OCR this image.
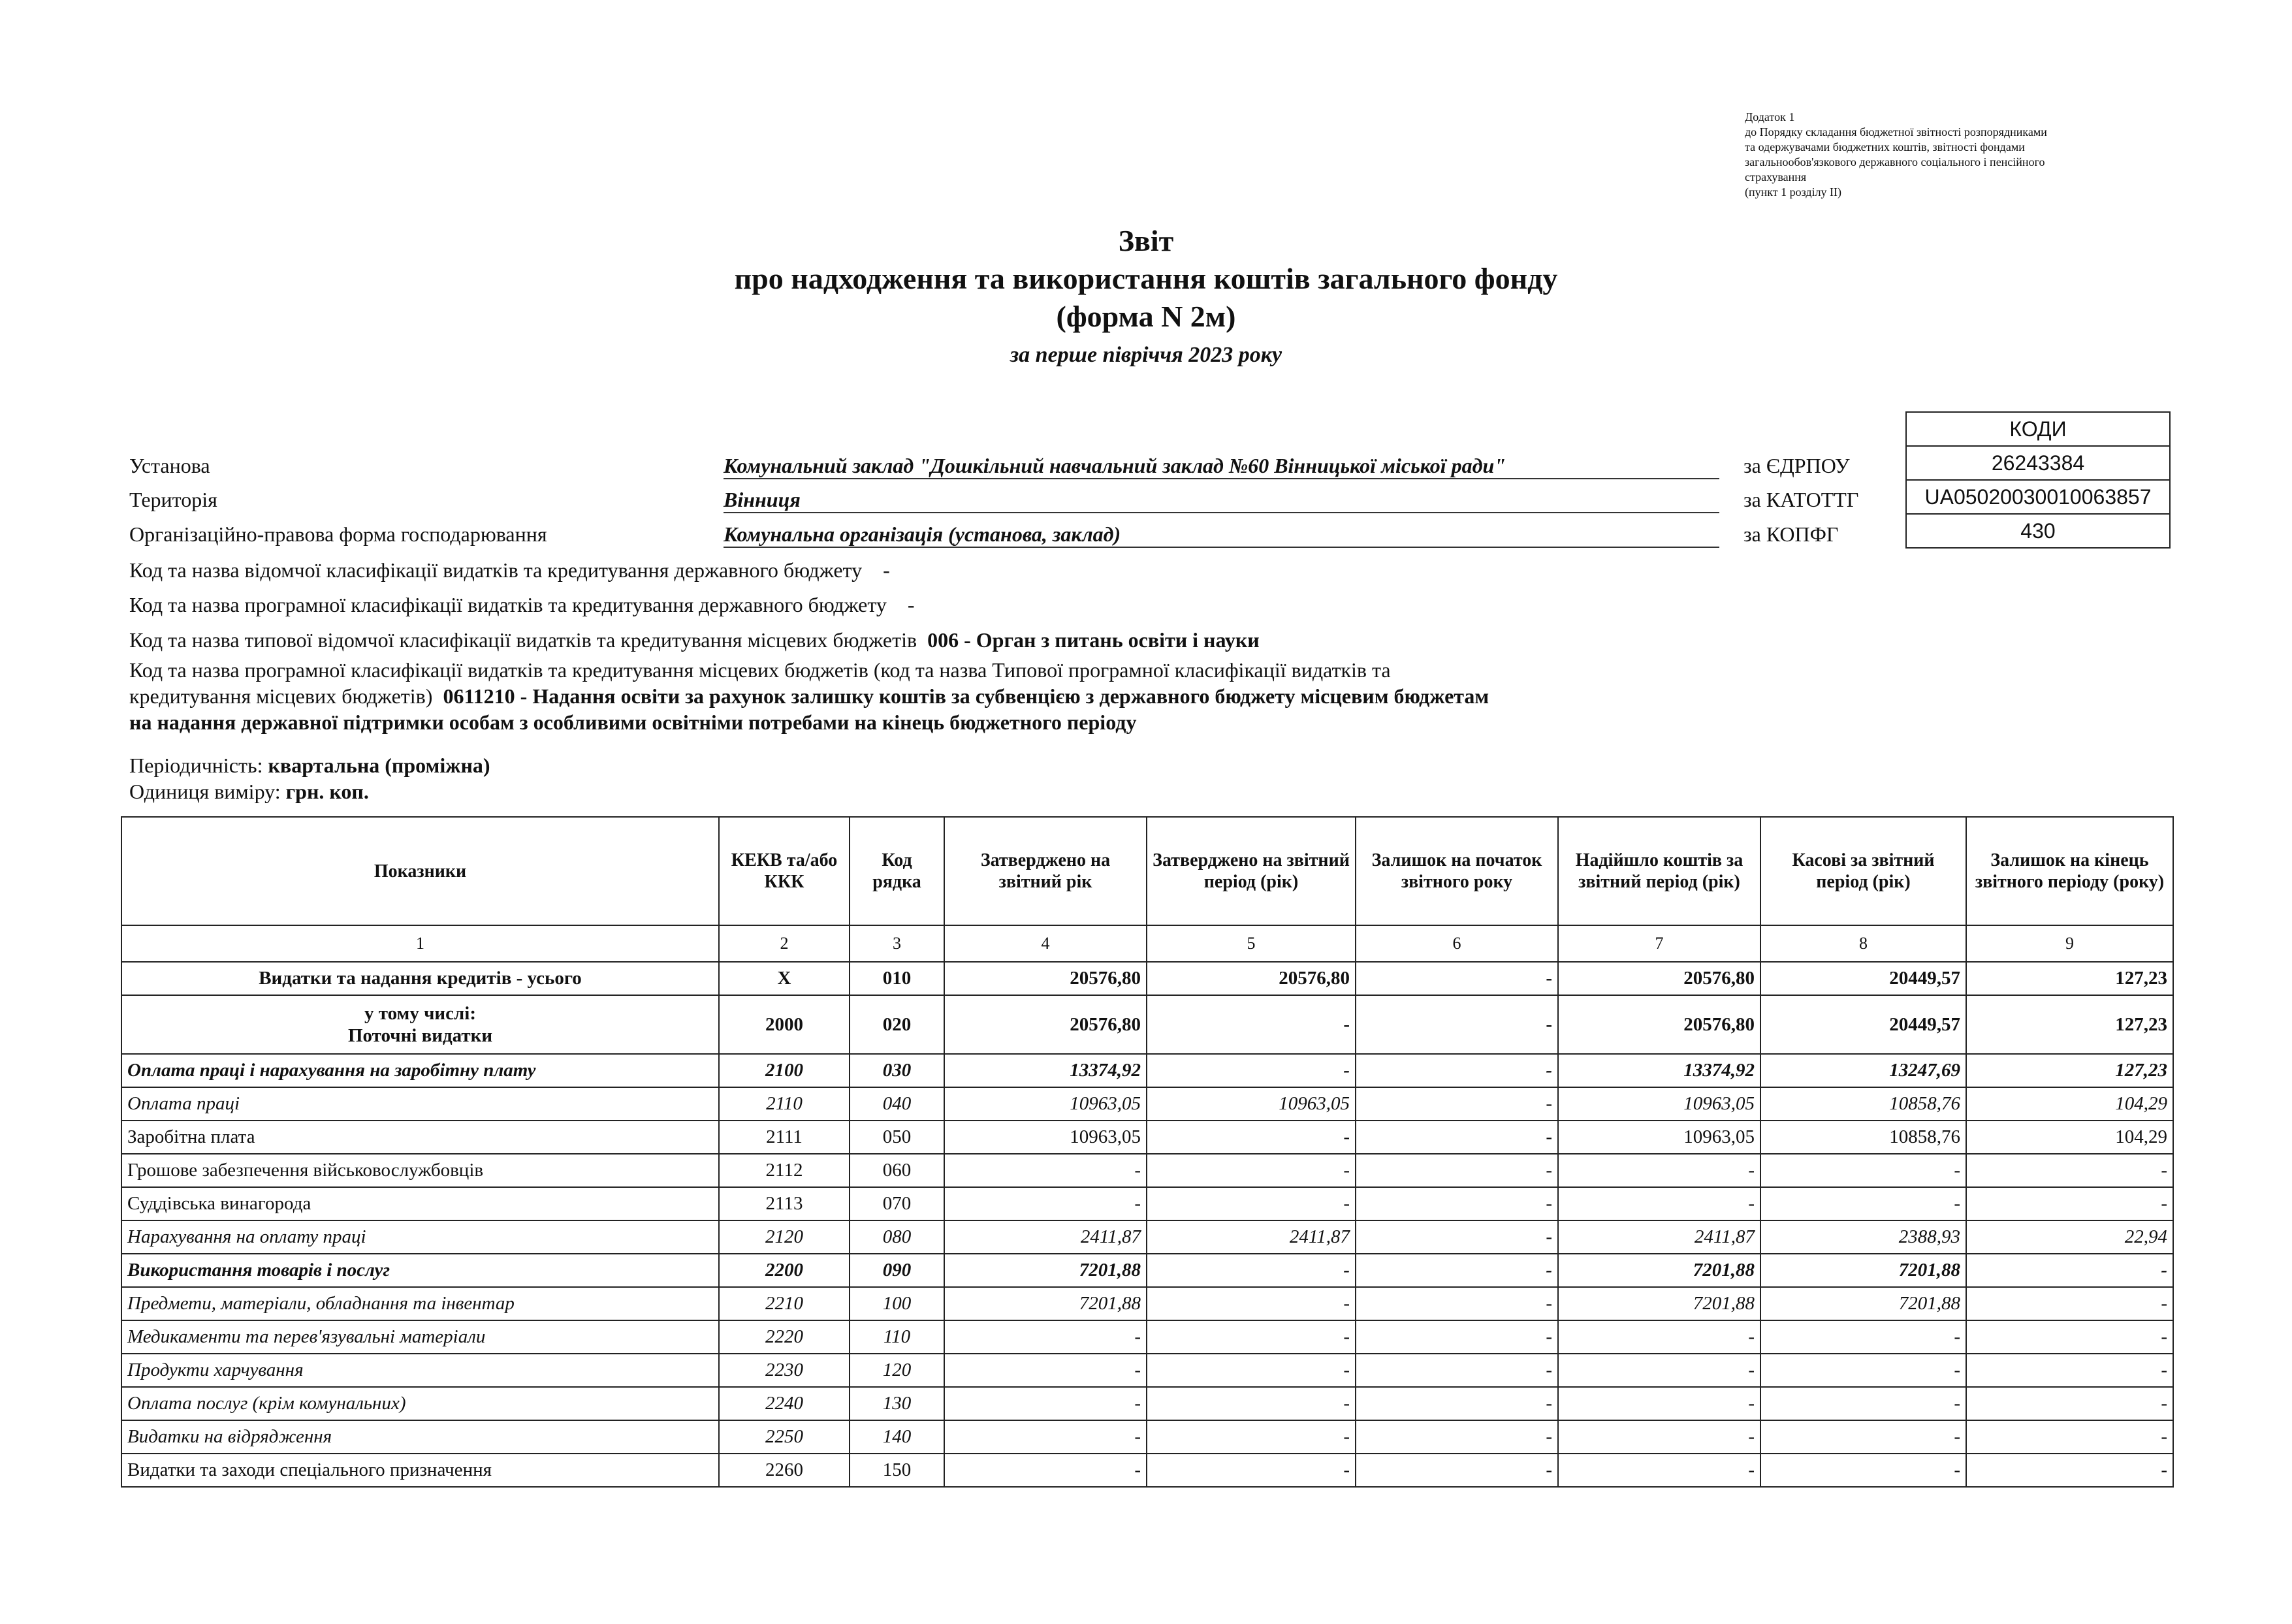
Додаток 1
до Порядку складання бюджетної звітності розпорядниками
та одержувачами бюджетних коштів, звітності фондами
загальнообов'язкового державного соціального і пенсійного
страхування
(пункт 1 розділу II)
Звіт
про надходження та використання коштів загального фонду
(форма N 2м)
за перше півріччя 2023 року
КОДИ
26243384
UA05020030010063857
430
Установа	Комунальний заклад "Дошкільний навчальний заклад №60 Вінницької міської ради"	за ЄДРПОУ
Територія	Вінниця	за КАТОТТГ
Організаційно-правова форма господарювання	Комунальна організація (установа, заклад)	за КОПФГ
Код та назва відомчої класифікації видатків та кредитування державного бюджету -
Код та назва програмної класифікації видатків та кредитування державного бюджету -
Код та назва типової відомчої класифікації видатків та кредитування місцевих бюджетів 006 - Орган з питань освіти і науки
Код та назва програмної класифікації видатків та кредитування місцевих бюджетів (код та назва Типової програмної класифікації видатків та
кредитування місцевих бюджетів) 0611210 - Надання освіти за рахунок залишку коштів за субвенцією з державного бюджету місцевим бюджетам
на надання державної підтримки особам з особливими освітніми потребами на кінець бюджетного періоду
Періодичність: квартальна (проміжна)
Одиниця виміру: грн. коп.
Показники	КЕКВ та/або ККК	Код рядка	Затверджено на звітний рік	Затверджено на звітний період (рік)	Залишок на початок звітного року	Надійшло коштів за звітний період (рік)	Касові за звітний період (рік)	Залишок на кінець звітного періоду (року)
1	2	3	4	5	6	7	8	9
Видатки та надання кредитів - усього	X	010	20576,80	20576,80	-	20576,80	20449,57	127,23

у тому числі:
Поточні видатки	2000	020	20576,80	-	-	20576,80	20449,57	127,23
Оплата праці і нарахування на заробітну плату	2100	030	13374,92	-	-	13374,92	13247,69	127,23
Оплата праці	2110	040	10963,05	10963,05	-	10963,05	10858,76	104,29
Заробітна плата	2111	050	10963,05	-	-	10963,05	10858,76	104,29
Грошове забезпечення військовослужбовців	2112	060	-	-	-	-	-	-
Суддівська винагорода	2113	070	-	-	-	-	-	-
Нарахування на оплату праці	2120	080	2411,87	2411,87	-	2411,87	2388,93	22,94
Використання товарів і послуг	2200	090	7201,88	-	-	7201,88	7201,88	-
Предмети, матеріали, обладнання та інвентар	2210	100	7201,88	-	-	7201,88	7201,88	-
Медикаменти та перев'язувальні матеріали	2220	110	-	-	-	-	-	-
Продукти харчування	2230	120	-	-	-	-	-	-
Оплата послуг (крім комунальних)	2240	130	-	-	-	-	-	-
Видатки на відрядження	2250	140	-	-	-	-	-	-
Видатки та заходи спеціального призначення	2260	150	-	-	-	-	-	-
